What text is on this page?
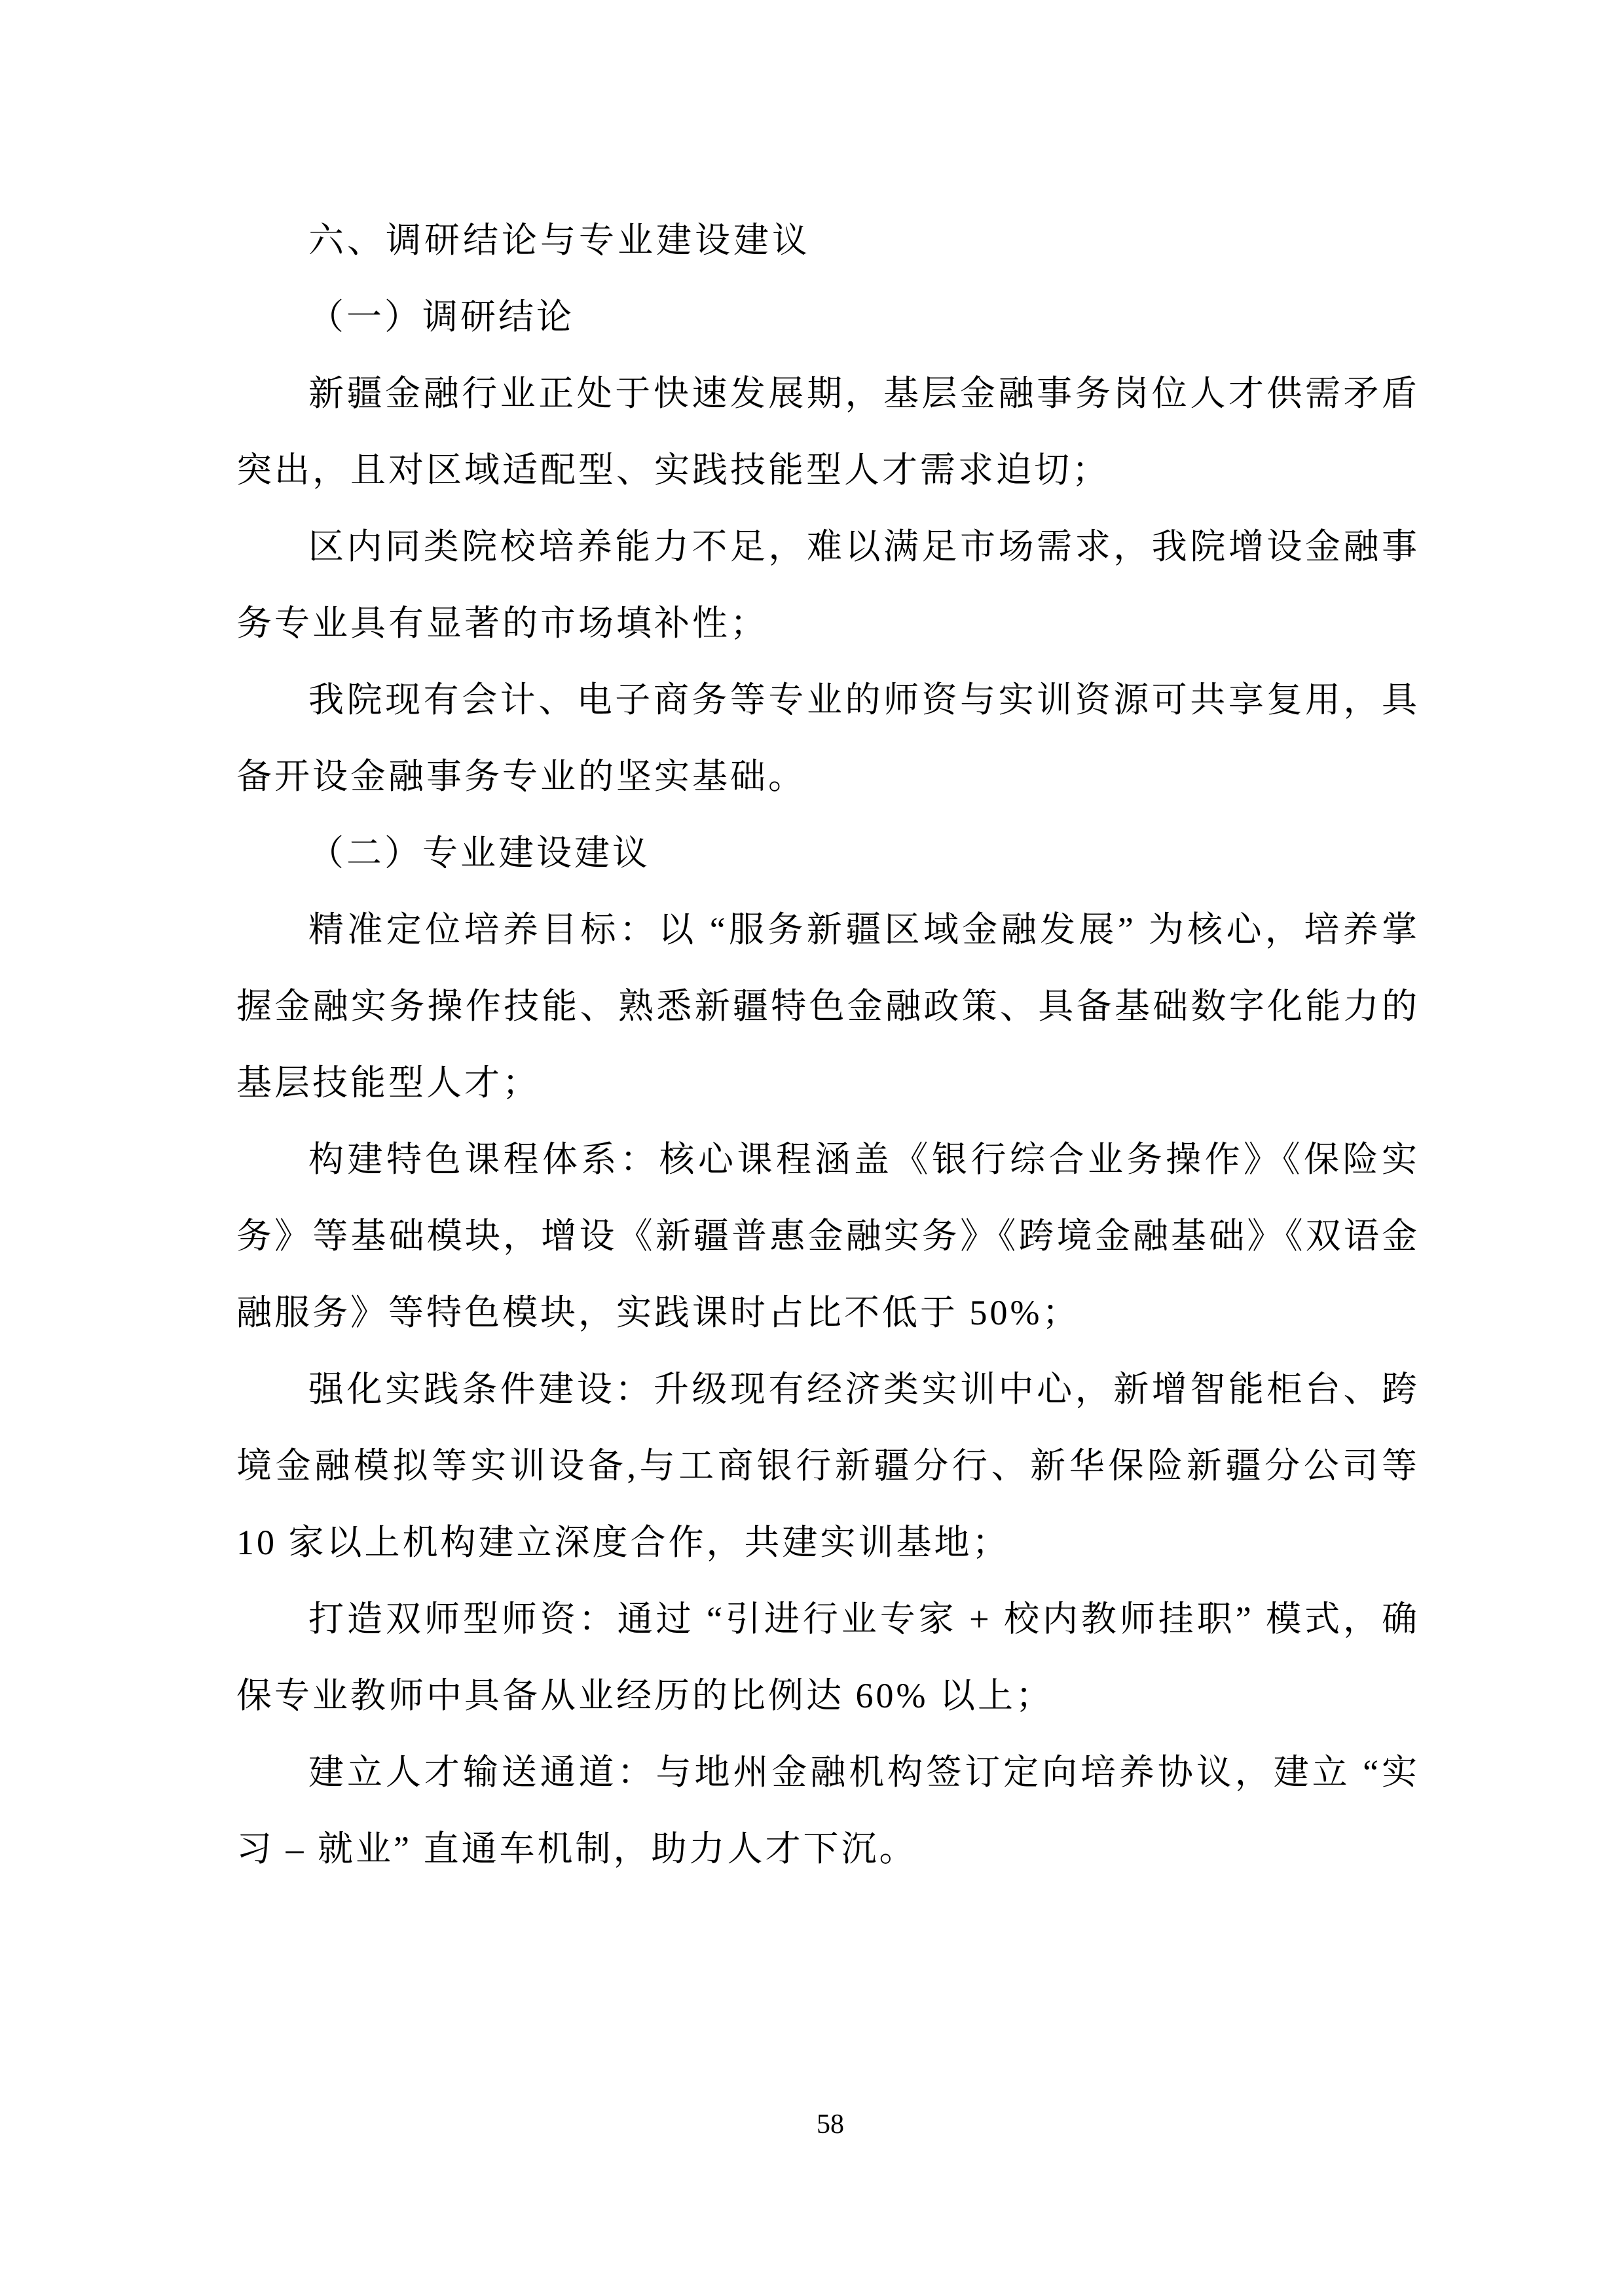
六、调研结论与专业建设建议
（一）调研结论

新疆金融行业正处于快速发展期，基层金融事务岗位人才供需矛盾突出，且对区域适配型、实践技能型人才需求迫切；

区内同类院校培养能力不足，难以满足市场需求，我院增设金融事务专业具有显著的市场填补性；

我院现有会计、电子商务等专业的师资与实训资源可共享复用，具备开设金融事务专业的坚实基础。

（二）专业建设建议

精准定位培养目标：以 “服务新疆区域金融发展” 为核心，培养掌握金融实务操作技能、熟悉新疆特色金融政策、具备基础数字化能力的基层技能型人才；

构建特色课程体系：核心课程涵盖《银行综合业务操作》《保险实务》等基础模块，增设《新疆普惠金融实务》《跨境金融基础》《双语金融服务》等特色模块，实践课时占比不低于 50%；

强化实践条件建设：升级现有经济类实训中心，新增智能柜台、跨境金融模拟等实训设备,与工商银行新疆分行、新华保险新疆分公司等 10 家以上机构建立深度合作，共建实训基地；

打造双师型师资：通过 “引进行业专家 + 校内教师挂职” 模式，确保专业教师中具备从业经历的比例达 60% 以上；

建立人才输送通道：与地州金融机构签订定向培养协议，建立 “实习 – 就业” 直通车机制，助力人才下沉。

58
